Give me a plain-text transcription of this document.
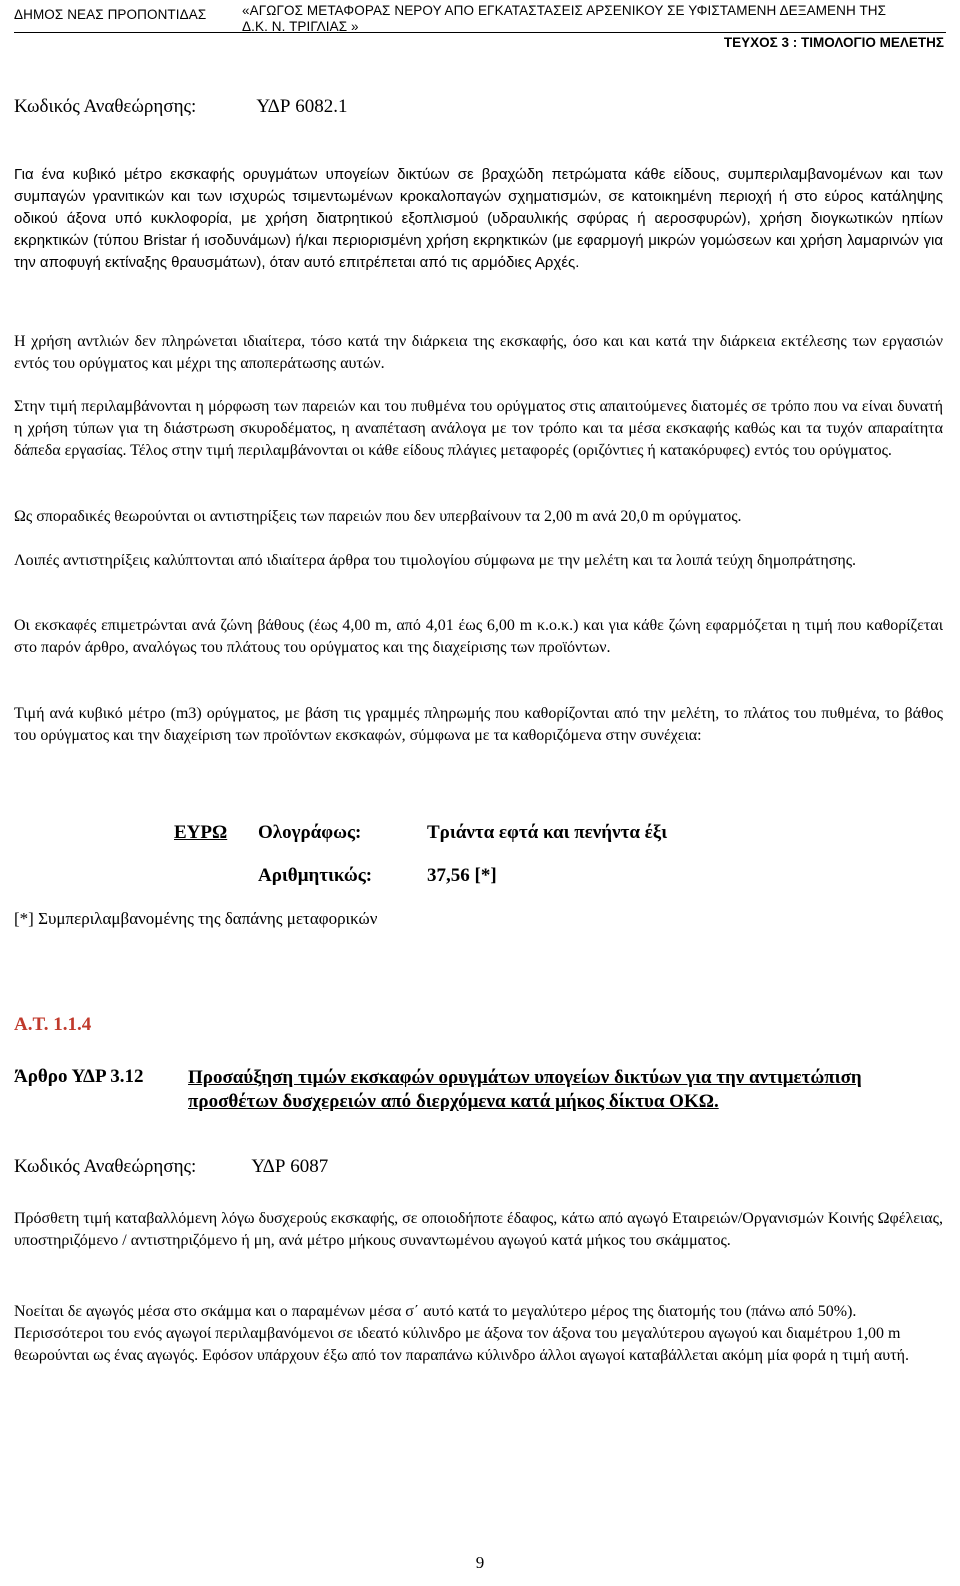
ΔΗΜΟΣ ΝΕΑΣ ΠΡΟΠΟΝΤΙΔΑΣ	«ΑΓΩΓΟΣ ΜΕΤΑΦΟΡΑΣ ΝΕΡΟΥ ΑΠΟ ΕΓΚΑΤΑΣΤΑΣΕΙΣ ΑΡΣΕΝΙΚΟΥ ΣΕ ΥΦΙΣΤΑΜΕΝΗ ΔΕΞΑΜΕΝΗ ΤΗΣ
Δ.Κ. Ν. ΤΡΙΓΛΙΑΣ »
ΤΕΥΧΟΣ 3 : ΤΙΜΟΛΟΓΙΟ ΜΕΛΕΤΗΣ
Κωδικός Αναθεώρησης:	ΥΔΡ 6082.1

Για ένα κυβικό μέτρο εκσκαφής ορυγμάτων υπογείων δικτύων σε βραχώδη πετρώματα κάθε είδους, συμπεριλαμβανομένων και των συμπαγών γρανιτικών και των ισχυρώς τσιμεντωμένων κροκαλοπαγών σχηματισμών, σε κατοικημένη περιοχή ή στο εύρος κατάληψης οδικού άξονα υπό κυκλοφορία, με χρήση διατρητικού εξοπλισμού (υδραυλικής σφύρας ή αεροσφυρών), χρήση διογκωτικών ηπίων εκρηκτικών (τύπου Bristar ή ισοδυνάμων) ή/και περιορισμένη χρήση εκρηκτικών (με εφαρμογή μικρών γομώσεων και χρήση λαμαρινών για την αποφυγή εκτίναξης θραυσμάτων), όταν αυτό επιτρέπεται από τις αρμόδιες Αρχές.

Η χρήση αντλιών δεν πληρώνεται ιδιαίτερα, τόσο κατά την διάρκεια της εκσκαφής, όσο και και κατά την διάρκεια εκτέλεσης των εργασιών εντός του ορύγματος και μέχρι της αποπεράτωσης αυτών.

Στην τιμή περιλαμβάνονται η μόρφωση των παρειών και του πυθμένα του ορύγματος στις απαιτούμενες διατομές σε τρόπο που να είναι δυνατή η χρήση τύπων για τη διάστρωση σκυροδέματος, η αναπέταση ανάλογα με τον τρόπο και τα μέσα εκσκαφής καθώς και τα τυχόν απαραίτητα δάπεδα εργασίας. Τέλος στην τιμή περιλαμβάνονται οι κάθε είδους πλάγιες μεταφορές (οριζόντιες ή κατακόρυφες) εντός του ορύγματος.

Ως σποραδικές θεωρούνται οι αντιστηρίξεις των παρειών που δεν υπερβαίνουν τα 2,00 m ανά 20,0 m ορύγματος.

Λοιπές αντιστηρίξεις καλύπτονται από ιδιαίτερα άρθρα του τιμολογίου σύμφωνα με την μελέτη και τα λοιπά τεύχη δημοπράτησης.

Οι εκσκαφές επιμετρώνται ανά ζώνη βάθους (έως 4,00 m, από 4,01 έως 6,00 m κ.ο.κ.) και για κάθε ζώνη εφαρμόζεται η τιμή που καθορίζεται στο παρόν άρθρο, αναλόγως του πλάτους του ορύγματος και της διαχείρισης των προϊόντων.

Τιμή ανά κυβικό μέτρο (m3) ορύγματος, με βάση τις γραμμές πληρωμής που καθορίζονται από την μελέτη, το πλάτος του πυθμένα, το βάθος του ορύγματος και την διαχείριση των προϊόντων εκσκαφών, σύμφωνα με τα καθοριζόμενα στην συνέχεια:

ΕΥΡΩ Ολογράφως:	Τριάντα εφτά και πενήντα έξι
Αριθμητικώς:	37,56 [*]
[*] Συμπεριλαμβανομένης της δαπάνης μεταφορικών
Α.Τ. 1.1.4
Άρθρο ΥΔΡ 3.12 Προσαύξηση τιμών εκσκαφών ορυγμάτων υπογείων δικτύων για την αντιμετώπιση προσθέτων δυσχερειών από διερχόμενα κατά μήκος δίκτυα ΟΚΩ.
Κωδικός Αναθεώρησης:	ΥΔΡ 6087

Πρόσθετη τιμή καταβαλλόμενη λόγω δυσχερούς εκσκαφής, σε οποιοδήποτε έδαφος, κάτω από αγωγό Εταιρειών/Οργανισμών Κοινής Ωφέλειας, υποστηριζόμενο / αντιστηριζόμενο ή μη, ανά μέτρο μήκους συναντωμένου αγωγού κατά μήκος του σκάμματος.

Νοείται δε αγωγός μέσα στο σκάμμα και ο παραμένων μέσα σ΄ αυτό κατά το μεγαλύτερο μέρος της διατομής του (πάνω από 50%). Περισσότεροι του ενός αγωγοί περιλαμβανόμενοι σε ιδεατό κύλινδρο με άξονα τον άξονα του μεγαλύτερου αγωγού και διαμέτρου 1,00 m θεωρούνται ως ένας αγωγός. Εφόσον υπάρχουν έξω από τον παραπάνω κύλινδρο άλλοι αγωγοί καταβάλλεται ακόμη μία φορά η τιμή αυτή.

9
